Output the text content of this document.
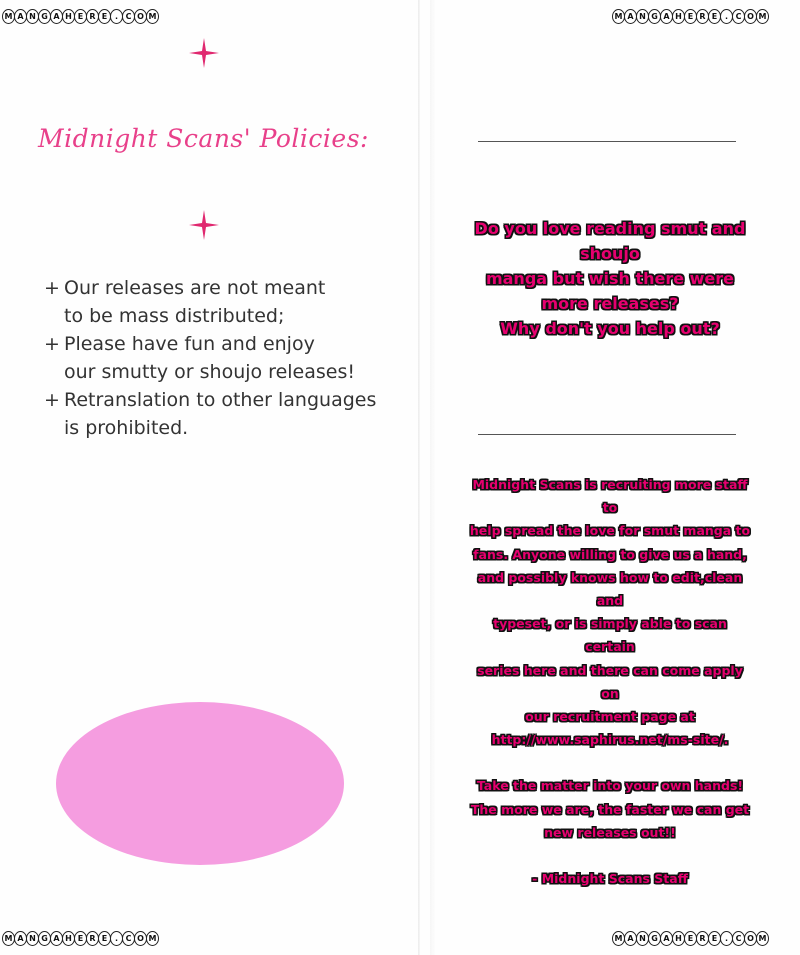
M A N G A H E R E . C O M	M A N G A H E R E . C O M
M A N G A H E R E . C O M	M A N G A H E R E . C O M
Midnight Scans' Policies:
+ Our releases are not meant
to be mass distributed;
+ Please have fun and enjoy
our smutty or shoujo releases!
+ Retranslation to other languages
is prohibited.

Do you love reading smut and shoujo

manga but wish there were

more releases?

Why don't you help out?

Midnight Scans is recruiting more staff to

help spread the love for smut manga to

fans. Anyone willing to give us a hand,

and possibly knows how to edit,clean and

typeset, or is simply able to scan certain

series here and there can come apply on

our recruitment page at

http://www.saphirus.net/ms-site/.

Take the matter into your own hands!

The more we are, the faster we can get

new releases out!!

- Midnight Scans Staff
